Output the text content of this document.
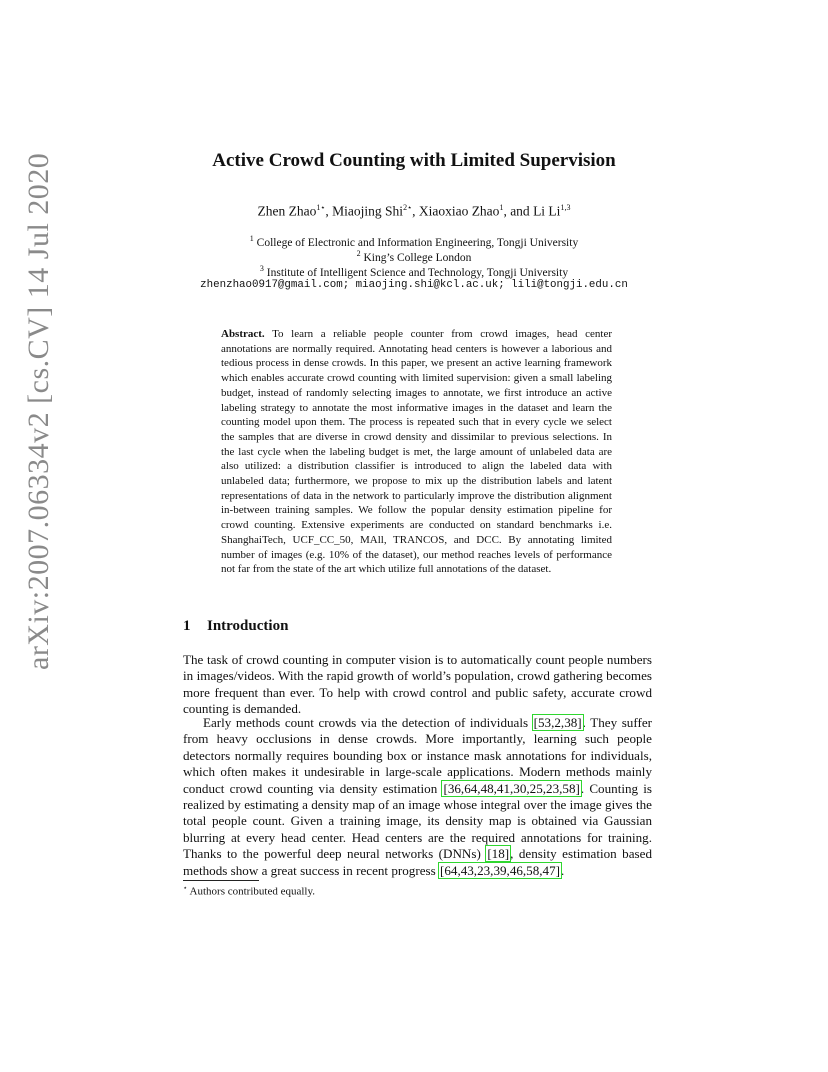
arXiv:2007.06334v2 [cs.CV] 14 Jul 2020	Active Crowd Counting with Limited Supervision
Zhen Zhao$^{1⋆}$, Miaojing Shi$^{2⋆}$, Xiaoxiao Zhao$^1$, and Li Li$^{1,3}$
$^1$ College of Electronic and Information Engineering, Tongji University
$^2$ King’s College London
$^3$ Institute of Intelligent Science and Technology, Tongji University
zhenzhao0917@gmail.com; miaojing.shi@kcl.ac.uk; lili@tongji.edu.cn
Abstract. To learn a reliable people counter from crowd images, head center annotations are normally required. Annotating head centers is however a laborious and tedious process in dense crowds. In this paper, we present an active learning framework which enables accurate crowd counting with limited supervision: given a small labeling budget, instead of randomly selecting images to annotate, we first introduce an active labeling strategy to annotate the most informative images in the dataset and learn the counting model upon them. The process is repeated such that in every cycle we select the samples that are diverse in crowd density and dissimilar to previous selections. In the last cycle when the labeling budget is met, the large amount of unlabeled data are also utilized: a distribution classifier is introduced to align the labeled data with unlabeled data; furthermore, we propose to mix up the distribution labels and latent representations of data in the network to particularly improve the distribution alignment in-between training samples. We follow the popular density estimation pipeline for crowd counting. Extensive experiments are conducted on standard benchmarks i.e. ShanghaiTech, UCF_CC_50, MAll, TRANCOS, and DCC. By annotating limited number of images (e.g. 10% of the dataset), our method reaches levels of performance not far from the state of the art which utilize full annotations of the dataset.
1 Introduction
The task of crowd counting in computer vision is to automatically count people numbers in images/videos. With the rapid growth of world’s population, crowd gathering becomes more frequent than ever. To help with crowd control and public safety, accurate crowd counting is demanded.
Early methods count crowds via the detection of individuals [53,2,38]. They suffer from heavy occlusions in dense crowds. More importantly, learning such people detectors normally requires bounding box or instance mask annotations for individuals, which often makes it undesirable in large-scale applications. Modern methods mainly conduct crowd counting via density estimation [36,64,48,41,30,25,23,58]. Counting is realized by estimating a density map of an image whose integral over the image gives the total people count. Given a training image, its density map is obtained via Gaussian blurring at every head center. Head centers are the required annotations for training. Thanks to the powerful deep neural networks (DNNs) [18], density estimation based methods show a great success in recent progress [64,43,23,39,46,58,47].
⋆ Authors contributed equally.
